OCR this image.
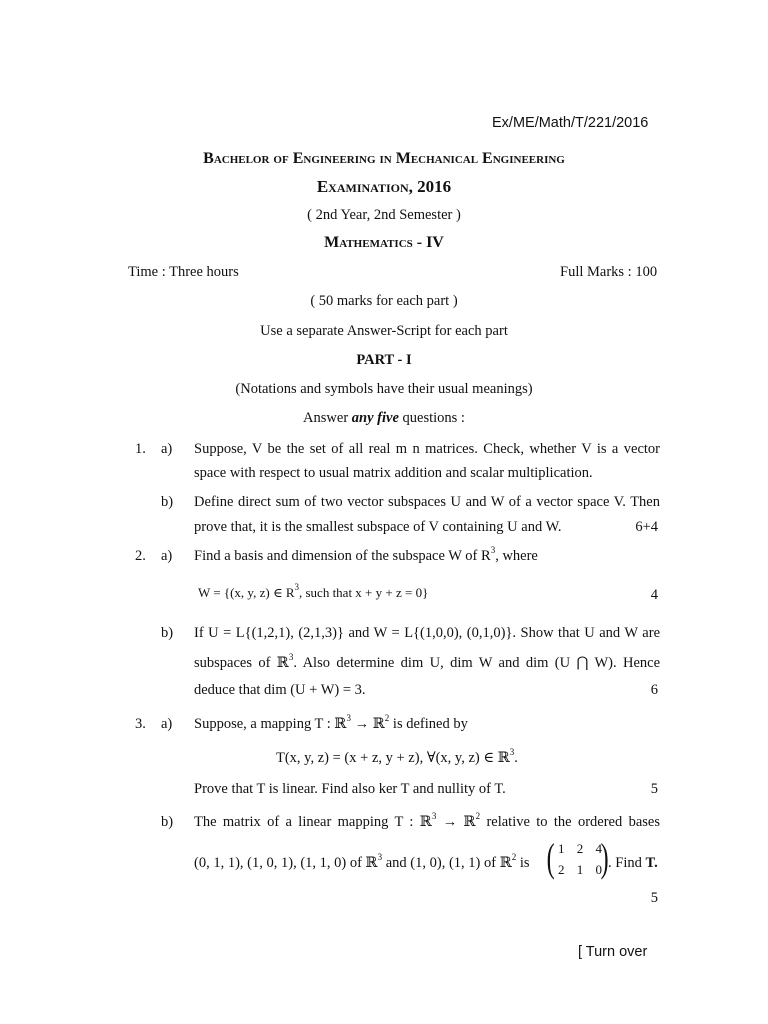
Ex/ME/Math/T/221/2016
Bachelor of Engineering in Mechanical Engineering
Examination, 2016
( 2nd Year, 2nd Semester )
Mathematics - IV
Time : Three hours	Full Marks : 100
( 50 marks for each part )
Use a separate Answer-Script for each part
PART - I
(Notations and symbols have their usual meanings)
Answer any five questions :
1. a) Suppose, V be the set of all real m n matrices. Check, whether V is a vector
space with respect to usual matrix addition and scalar multiplication.
b) Define direct sum of two vector subspaces U and W of a vector space V. Then
prove that, it is the smallest subspace of V containing U and W.	6+4
2. a) Find a basis and dimension of the subspace W of $R^3$, where
W = {(x, y, z) ∈ $R^3$, such that x + y + z = 0}	4
b) If U = L{(1,2,1), (2,1,3)} and W = L{(1,0,0), (0,1,0)}. Show that U and W are
subspaces of ℝ$^3$. Also determine dim U, dim W and dim (U ⋂ W). Hence
deduce that dim (U + W) = 3.	6
3. a) Suppose, a mapping T : ℝ$^3$ → ℝ$^2$ is defined by
T(x, y, z) = (x + z, y + z), ∀(x, y, z) ∈ ℝ$^3$.
Prove that T is linear. Find also ker T and nullity of T.	5
b) The matrix of a linear mapping T : ℝ$^3$ → ℝ$^2$ relative to the ordered bases
(0, 1, 1), (1, 0, 1), (1, 1, 0) of ℝ$^3$ and (1, 0), (1, 1) of ℝ$^2$ is ( 1 2 4
2 1 0
) . Find T.
5
[ Turn over
